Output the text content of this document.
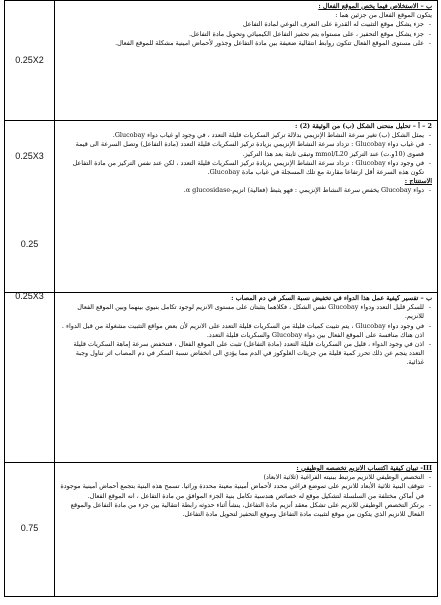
0.25X2
ب – الاستخلاص فيما يخص الموقع الفعال :
يتكون الموقع الفعال من جزئين هما :
- جزء يشكل موقع التثبيت له القدرة على التعرف النوعي لمادة التفاعل
- جزء يشكل موقع التحفيز ، على مستواه يتم تحفيز التفاعل الكيميائي وتحويل مادة التفاعل.
- على مستوى الموقع الفعال تتكون روابط انتقالية ضعيفة بين مادة التفاعل وجذور لأحماض امينية مشكلة للموقع الفعال.
0.25X3
0.25
2 – أ – تحليل منحنى الشكل (ب) من الوثيقة (2) :
- يمثل الشكل (ب) تغير سرعة النشاط الإنزيمي بدلالة تركيز السكريات قليلة التعدد ، في وجود او غياب دواء Glucobay.
- في غياب دواء Glucobay : تزداد سرعة النشاط الإنزيمي بزيادة تركيز السكريات قليلة التعدد (مادة التفاعل) وتصل السرعة الى قيمة قصوى (10و.ت) عند التركيز mmol/L20 وتبقى ثابتة بعد هذا التركيز.
- في وجود دواء Glucobay : تزداد سرعة النشاط الإنزيمي بزيادة تركيز السكريات قليلة التعدد ، لكن عند نفس التركيز من مادة التفاعل تكون هذه السرعة أقل ارتفاعا مقارنة مع تلك المسجلة في غياب مادة Glucobay.
الاستنتاج :
- دواء Glucobay يخفض سرعة النشاط الإنزيمي : فهو يثبط (فعالية) انزيم-α glucosidase.
0.25X3	ب – تفسير كيفية عمل هذا الدواء في تخفيض نسبة السكر في دم المصاب :
- للسكر قليل التعدد ودواء Glucobay نفس الشكل ، فكلاهما يتثبتان على مستوى الانزيم لوجود تكامل بنيوي بينهما وبين الموقع الفعال للانزيم.
- في وجود دواء Glucobay ، يتم تثبيت كميات قليلة من السكريات قليلة التعدد على الانزيم لأن بعض مواقع التثبيت مشغولة من قبل الدواء . اذن هناك منافسة على الموقع الفعال بين دواء Glucobay والسكريات قليلة التعدد.
- اذن في وجود الدواء ، قليل من السكريات قليلة التعدد (مادة التفاعل) تثبت على الموقع الفعال ، فتنخفض سرعة إماهة السكريات قليلة التعدد ينجم عن ذلك تحرر كمية قليلة من جزيئات الغلوكوز في الدم مما يؤدي الى انخفاض نسبة السكر في دم المصاب اثر تناول وجبة غذائية.
0.75
III- تبيان كيفية اكتساب الانزيم تخصصه الوظيفي :
- التخصص الوظيفي للانزيم مرتبط ببنيته الفراغية (ثلاثية الابعاد)
- تتوقف البنية ثلاثية الأبعاد للانزيم على تموضع فراغي محدد لأحماض أمينية معينة محددة وراثيا. تسمح هذه البنية بتجمع أحماض أمينية موجودة في أماكن مختلفة من السلسلة لتشكيل موقع له خصائص هندسية تكامل بنية الجزء الموافق من مادة التفاعل ، انه الموقع الفعال.
- يرتكز التخصص الوظيفي للانزيم على تشكل معقد أنزيم مادة التفاعل، ينشأ أثناء حدوثه رابطة انتقالية بين جزء من مادة التفاعل والموقع الفعال للانزيم الذي يتكون من موقع لتثبيت مادة التفاعل وموقع التحفيز لتحويل مادة التفاعل.
